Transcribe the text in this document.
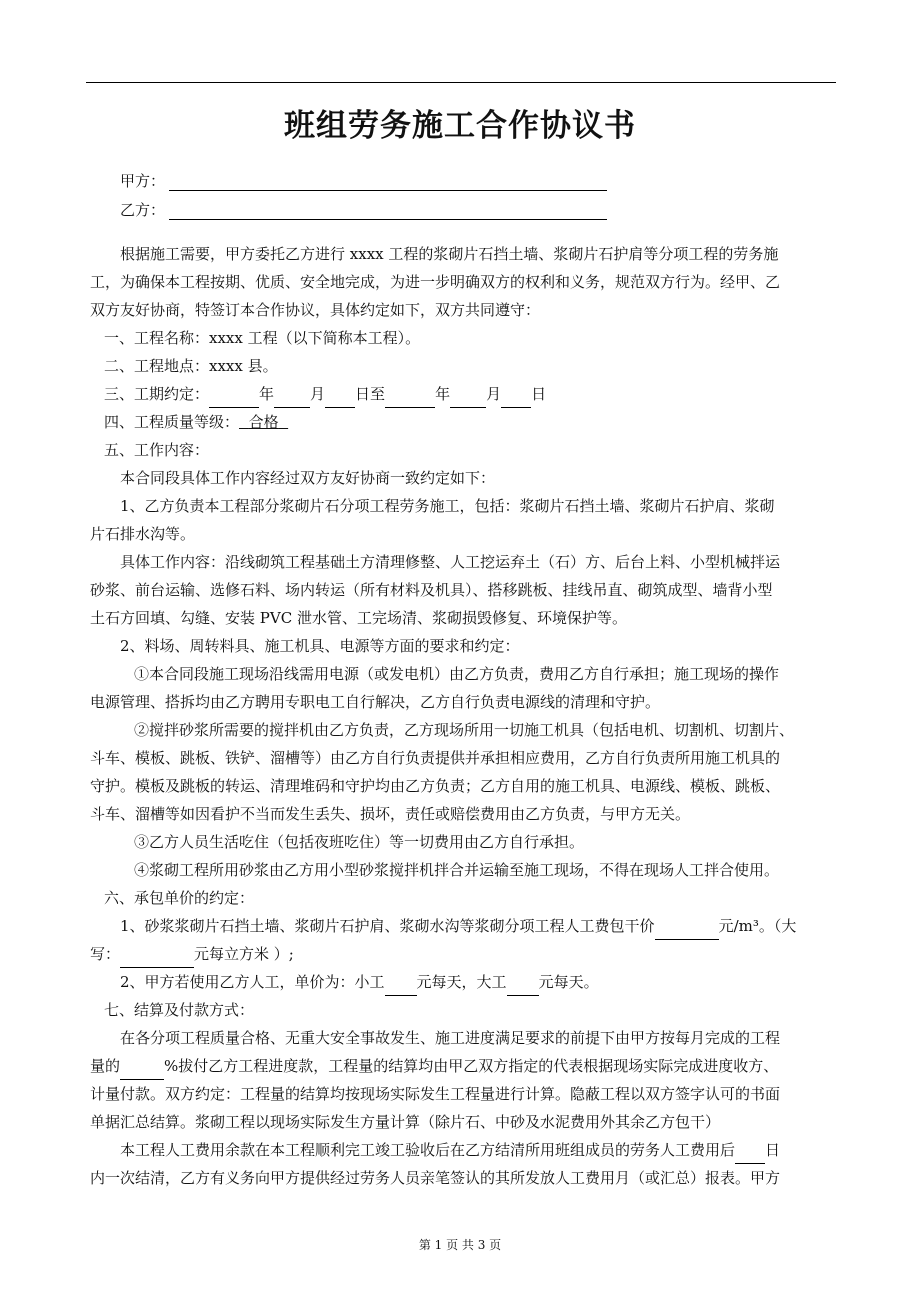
班组劳务施工合作协议书
甲方：
乙方：
根据施工需要，甲方委托乙方进行 xxxx 工程的浆砌片石挡土墙、浆砌片石护肩等分项工程的劳务施
工，为确保本工程按期、优质、安全地完成，为进一步明确双方的权利和义务，规范双方行为。经甲、乙
双方友好协商，特签订本合作协议，具体约定如下，双方共同遵守：
一、工程名称：xxxx 工程（以下简称本工程）。
二、工程地点：xxxx 县。
三、工期约定：	年 月 日至	年 月 日
四、工程质量等级： 合格
五、工作内容：
本合同段具体工作内容经过双方友好协商一致约定如下：
1、乙方负责本工程部分浆砌片石分项工程劳务施工，包括：浆砌片石挡土墙、浆砌片石护肩、浆砌
片石排水沟等。
具体工作内容：沿线砌筑工程基础土方清理修整、人工挖运弃土（石）方、后台上料、小型机械拌运
砂浆、前台运输、选修石料、场内转运（所有材料及机具）、搭移跳板、挂线吊直、砌筑成型、墙背小型
土石方回填、勾缝、安装 PVC 泄水管、工完场清、浆砌损毁修复、环境保护等。
2、料场、周转料具、施工机具、电源等方面的要求和约定：
①本合同段施工现场沿线需用电源（或发电机）由乙方负责，费用乙方自行承担；施工现场的操作
电源管理、搭拆均由乙方聘用专职电工自行解决，乙方自行负责电源线的清理和守护。
②搅拌砂浆所需要的搅拌机由乙方负责，乙方现场所用一切施工机具（包括电机、切割机、切割片、
斗车、模板、跳板、铁铲、溜槽等）由乙方自行负责提供并承担相应费用，乙方自行负责所用施工机具的
守护。模板及跳板的转运、清理堆码和守护均由乙方负责；乙方自用的施工机具、电源线、模板、跳板、
斗车、溜槽等如因看护不当而发生丢失、损坏，责任或赔偿费用由乙方负责，与甲方无关。
③乙方人员生活吃住（包括夜班吃住）等一切费用由乙方自行承担。
④浆砌工程所用砂浆由乙方用小型砂浆搅拌机拌合并运输至施工现场，不得在现场人工拌合使用。
六、承包单价的约定：
1、砂浆浆砌片石挡土墙、浆砌片石护肩、浆砌水沟等浆砌分项工程人工费包干价	元/m³。（大
写：	元每立方米 ）;
2、甲方若使用乙方人工，单价为：小工 元每天，大工 元每天。
七、结算及付款方式：
在各分项工程质量合格、无重大安全事故发生、施工进度满足要求的前提下由甲方按每月完成的工程
量的	%拔付乙方工程进度款，工程量的结算均由甲乙双方指定的代表根据现场实际完成进度收方、
计量付款。双方约定：工程量的结算均按现场实际发生工程量进行计算。隐蔽工程以双方签字认可的书面
单据汇总结算。浆砌工程以现场实际发生方量计算（除片石、中砂及水泥费用外其余乙方包干）
本工程人工费用余款在本工程顺利完工竣工验收后在乙方结清所用班组成员的劳务人工费用后 日
内一次结清，乙方有义务向甲方提供经过劳务人员亲笔签认的其所发放人工费用月（或汇总）报表。甲方
第 1 页 共 3 页
